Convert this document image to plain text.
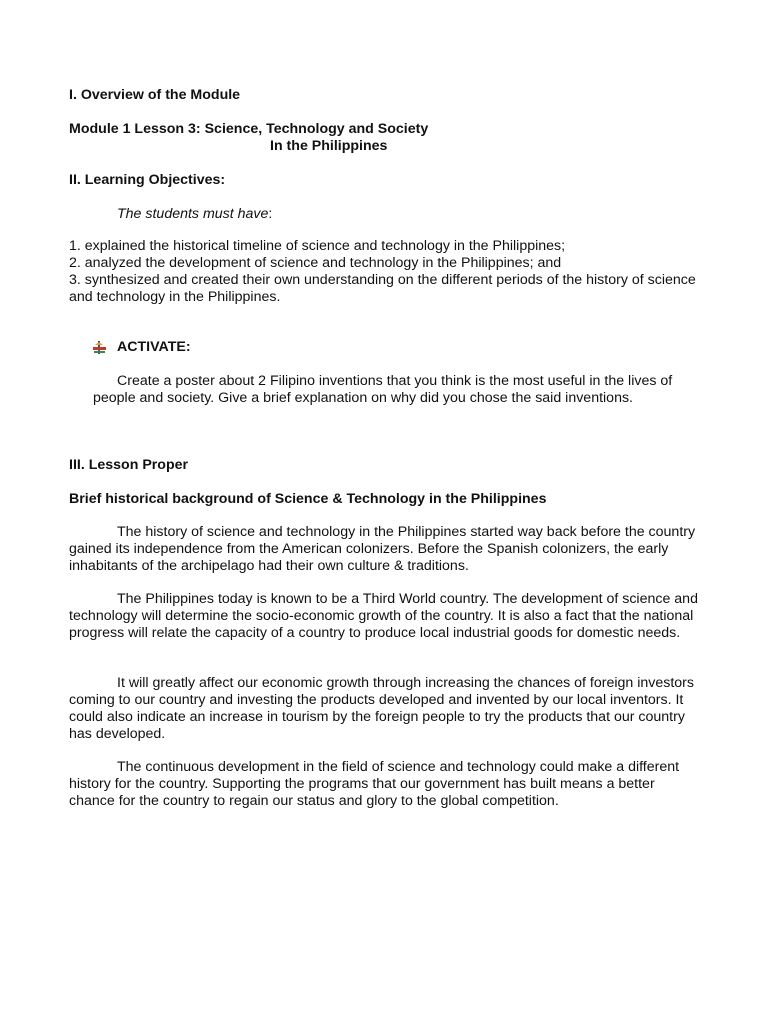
I. Overview of the Module

Module 1 Lesson 3: Science, Technology and Society

In the Philippines

II. Learning Objectives:

The students must have:
1. explained the historical timeline of science and technology in the Philippines;
2. analyzed the development of science and technology in the Philippines; and
3. synthesized and created their own understanding on the different periods of the history of science and technology in the Philippines.
ACTIVATE:

Create a poster about 2 Filipino inventions that you think is the most useful in the lives of people and society. Give a brief explanation on why did you chose the said inventions.

III. Lesson Proper

Brief historical background of Science & Technology in the Philippines

The history of science and technology in the Philippines started way back before the country gained its independence from the American colonizers. Before the Spanish colonizers, the early inhabitants of the archipelago had their own culture & traditions.

The Philippines today is known to be a Third World country. The development of science and technology will determine the socio-economic growth of the country. It is also a fact that the national progress will relate the capacity of a country to produce local industrial goods for domestic needs.

It will greatly affect our economic growth through increasing the chances of foreign investors coming to our country and investing the products developed and invented by our local inventors. It could also indicate an increase in tourism by the foreign people to try the products that our country has developed.

The continuous development in the field of science and technology could make a different history for the country. Supporting the programs that our government has built means a better chance for the country to regain our status and glory to the global competition.
